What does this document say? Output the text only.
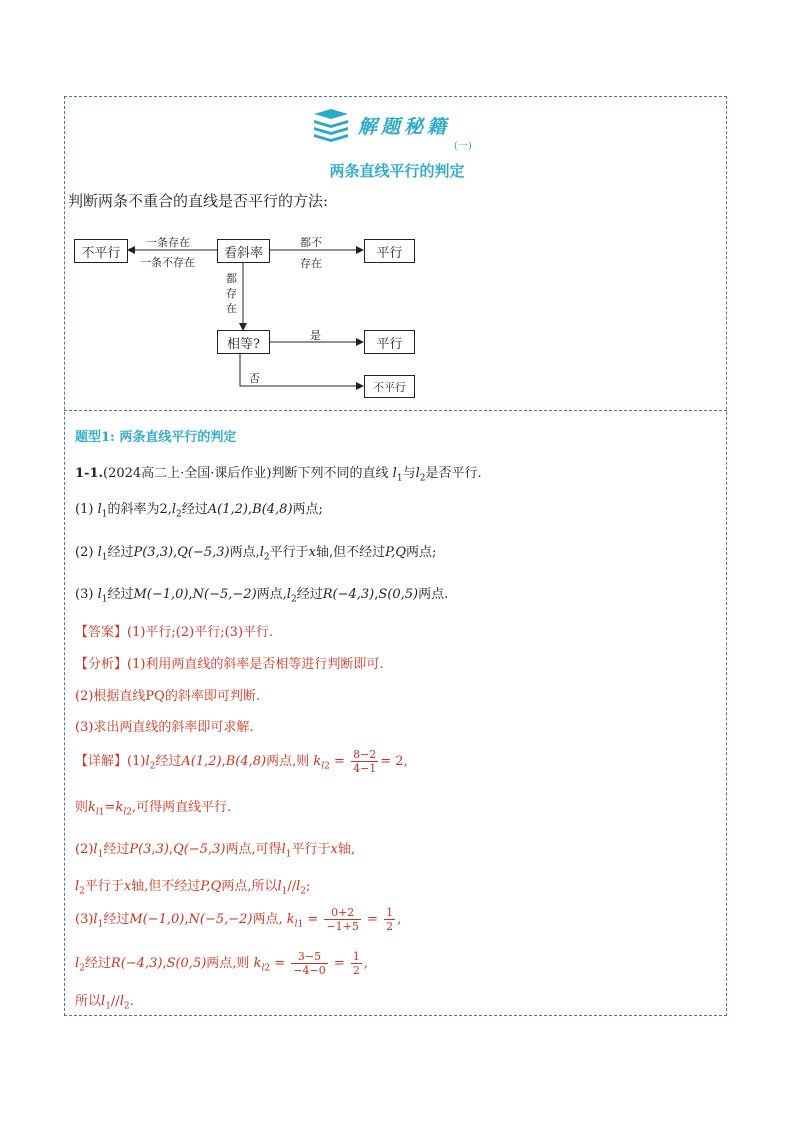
解题秘籍
(一)
两条直线平行的判定
判断两条不重合的直线是否平行的方法:
不平行	看斜率	平行
相等?	平行
不平行
一条存在
一条不存在
都不
存在
都
存
在
是
否
题型1: 两条直线平行的判定
1-1.(2024高二上·全国·课后作业)判断下列不同的直线 $l_1$与$l_2$是否平行.
(1) $l_1$的斜率为$2,l_2$经过A(1,2),B(4,8)两点;
(2) $l_1$经过P(3,3),Q(−5,3)两点$,l_2$平行于x轴,但不经过P,Q两点;
(3) $l_1$经过M(−1,0),N(−5,−2)两点$,l_2$经过R(−4,3),S(0,5)两点.
【答案】(1)平行;(2)平行;(3)平行.
【分析】(1)利用两直线的斜率是否相等进行判断即可.
(2)根据直线PQ的斜率即可判断.
(3)求出两直线的斜率即可求解.
【详解】$(1)l_2$经过A(1,2),B(4,8)两点,则 $k_{l2} = \frac{8-2}{4-1} = 2$,
则$k_{l1}=k_{l2}$,可得两直线平行.
$(2)l_1$经过P(3,3),Q(−5,3)两点,可得$l_1$平行于x轴,
$l_2$平行于x轴,但不经过P,Q两点,所以$l_1//l_2$;
$(3)l_1$经过M(−1,0),N(−5,−2)两点, $k_{l1} = \frac{0+2}{-1+5} = \frac{1}{2}$ ,
$l_2$经过R(−4,3),S(0,5)两点,则 $k_{l2} = \frac{3-5}{-4-0} = \frac{1}{2}$ ,
所以$l_1//l_2$.
